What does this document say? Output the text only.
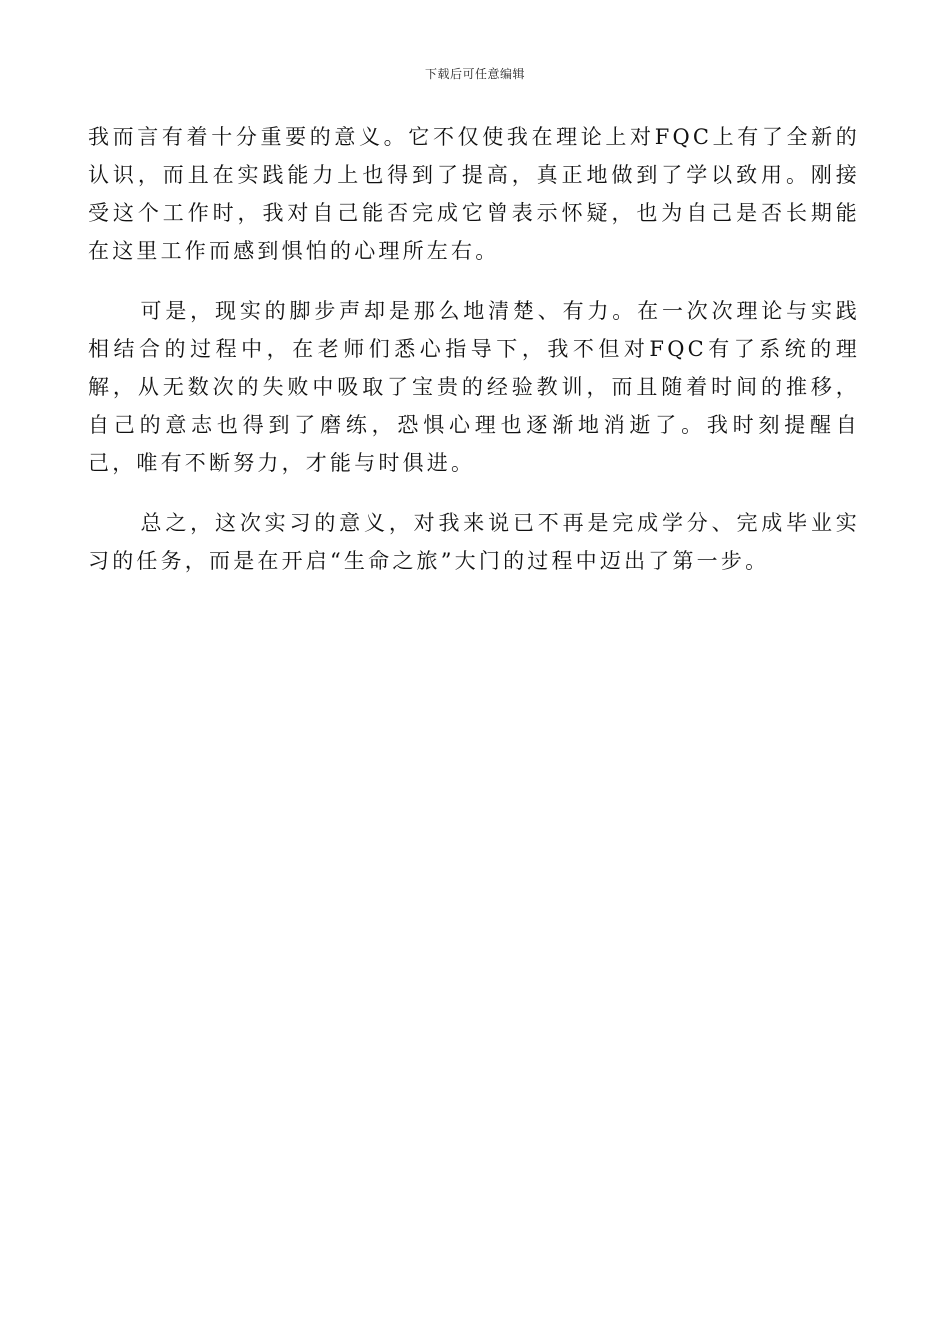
下载后可任意编辑

我而言有着十分重要的意义。它不仅使我在理论上对FQC上有了全新的认识，而且在实践能力上也得到了提高，真正地做到了学以致用。刚接受这个工作时，我对自己能否完成它曾表示怀疑，也为自己是否长期能在这里工作而感到惧怕的心理所左右。

可是，现实的脚步声却是那么地清楚、有力。在一次次理论与实践相结合的过程中，在老师们悉心指导下，我不但对FQC有了系统的理解，从无数次的失败中吸取了宝贵的经验教训，而且随着时间的推移，自己的意志也得到了磨练，恐惧心理也逐渐地消逝了。我时刻提醒自己，唯有不断努力，才能与时俱进。

总之，这次实习的意义，对我来说已不再是完成学分、完成毕业实习的任务，而是在开启“生命之旅”大门的过程中迈出了第一步。
